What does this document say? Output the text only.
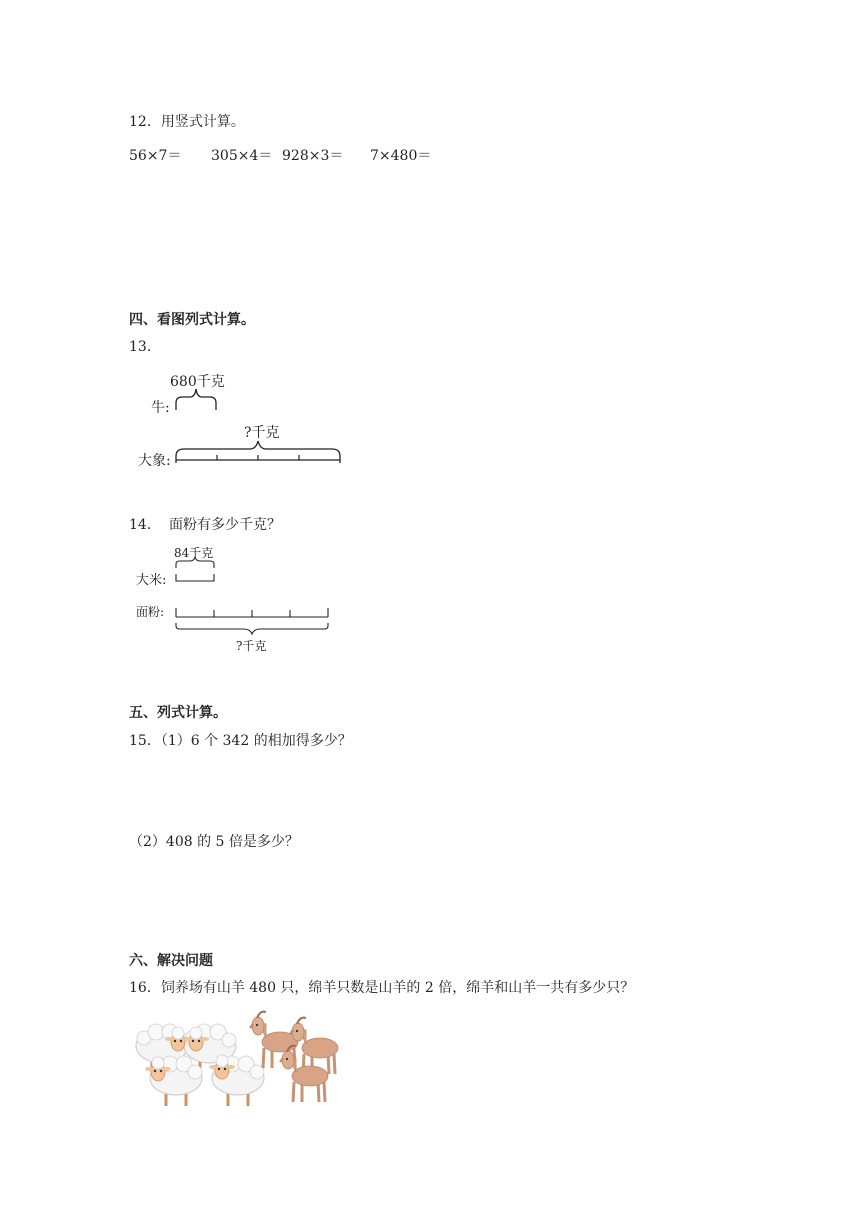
12．用竖式计算。
56×7＝ 305×4＝ 928×3＝ 7×480＝
四、看图列式计算。
13．
680千克
牛:
?千克
大象:
14． 面粉有多少千克？
84千克
大米:
面粉:
?千克
五、列式计算。
15．（1）6 个 342 的相加得多少？
（2）408 的 5 倍是多少？
六、解决问题
16．饲养场有山羊 480 只，绵羊只数是山羊的 2 倍，绵羊和山羊一共有多少只？
